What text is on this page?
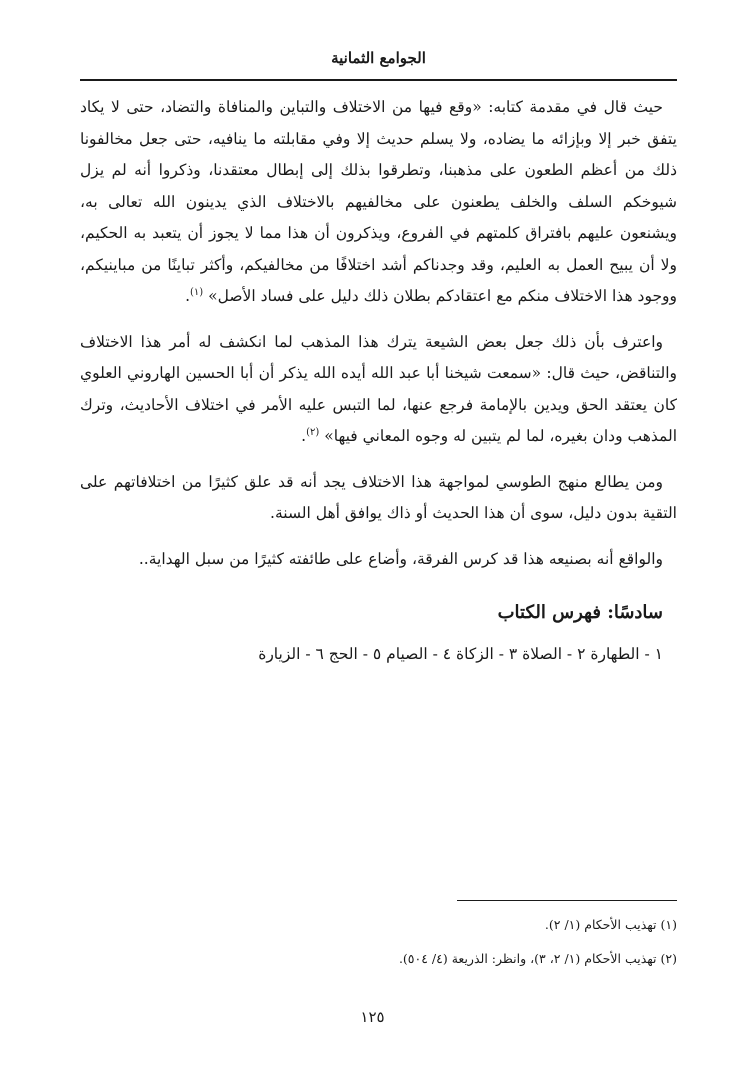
الجوامع الثمانية

حيث قال في مقدمة كتابه: «وقع فيها من الاختلاف والتباين والمنافاة والتضاد، حتى لا يكاد يتفق خبر إلا وبإزائه ما يضاده، ولا يسلم حديث إلا وفي مقابلته ما ينافيه، حتى جعل مخالفونا ذلك من أعظم الطعون على مذهبنا، وتطرقوا بذلك إلى إبطال معتقدنا، وذكروا أنه لم يزل شيوخكم السلف والخلف يطعنون على مخالفيهم بالاختلاف الذي يدينون الله تعالى به، ويشنعون عليهم بافتراق كلمتهم في الفروع، ويذكرون أن هذا مما لا يجوز أن يتعبد به الحكيم، ولا أن يبيح العمل به العليم، وقد وجدناكم أشد اختلافًا من مخالفيكم، وأكثر تباينًا من مباينيكم، ووجود هذا الاختلاف منكم مع اعتقادكم بطلان ذلك دليل على فساد الأصل» $^{(١)}$.

واعترف بأن ذلك جعل بعض الشيعة يترك هذا المذهب لما انكشف له أمر هذا الاختلاف والتناقض، حيث قال: «سمعت شيخنا أبا عبد الله أيده الله يذكر أن أبا الحسين الهاروني العلوي كان يعتقد الحق ويدين بالإمامة فرجع عنها، لما التبس عليه الأمر في اختلاف الأحاديث، وترك المذهب ودان بغيره، لما لم يتبين له وجوه المعاني فيها» $^{(٢)}$.

ومن يطالع منهج الطوسي لمواجهة هذا الاختلاف يجد أنه قد علق كثيرًا من اختلافاتهم على التقية بدون دليل، سوى أن هذا الحديث أو ذاك يوافق أهل السنة.

والواقع أنه بصنيعه هذا قد كرس الفرقة، وأضاع على طائفته كثيرًا من سبل الهداية..

سادسًا: فهرس الكتاب

١ - الطهارة ٢ - الصلاة ٣ - الزكاة ٤ - الصيام ٥ - الحج ٦ - الزيارة

(١) تهذيب الأحكام (١/ ٢).

(٢) تهذيب الأحكام (١/ ٢، ٣)، وانظر: الذريعة (٤/ ٥٠٤).

١٢٥
